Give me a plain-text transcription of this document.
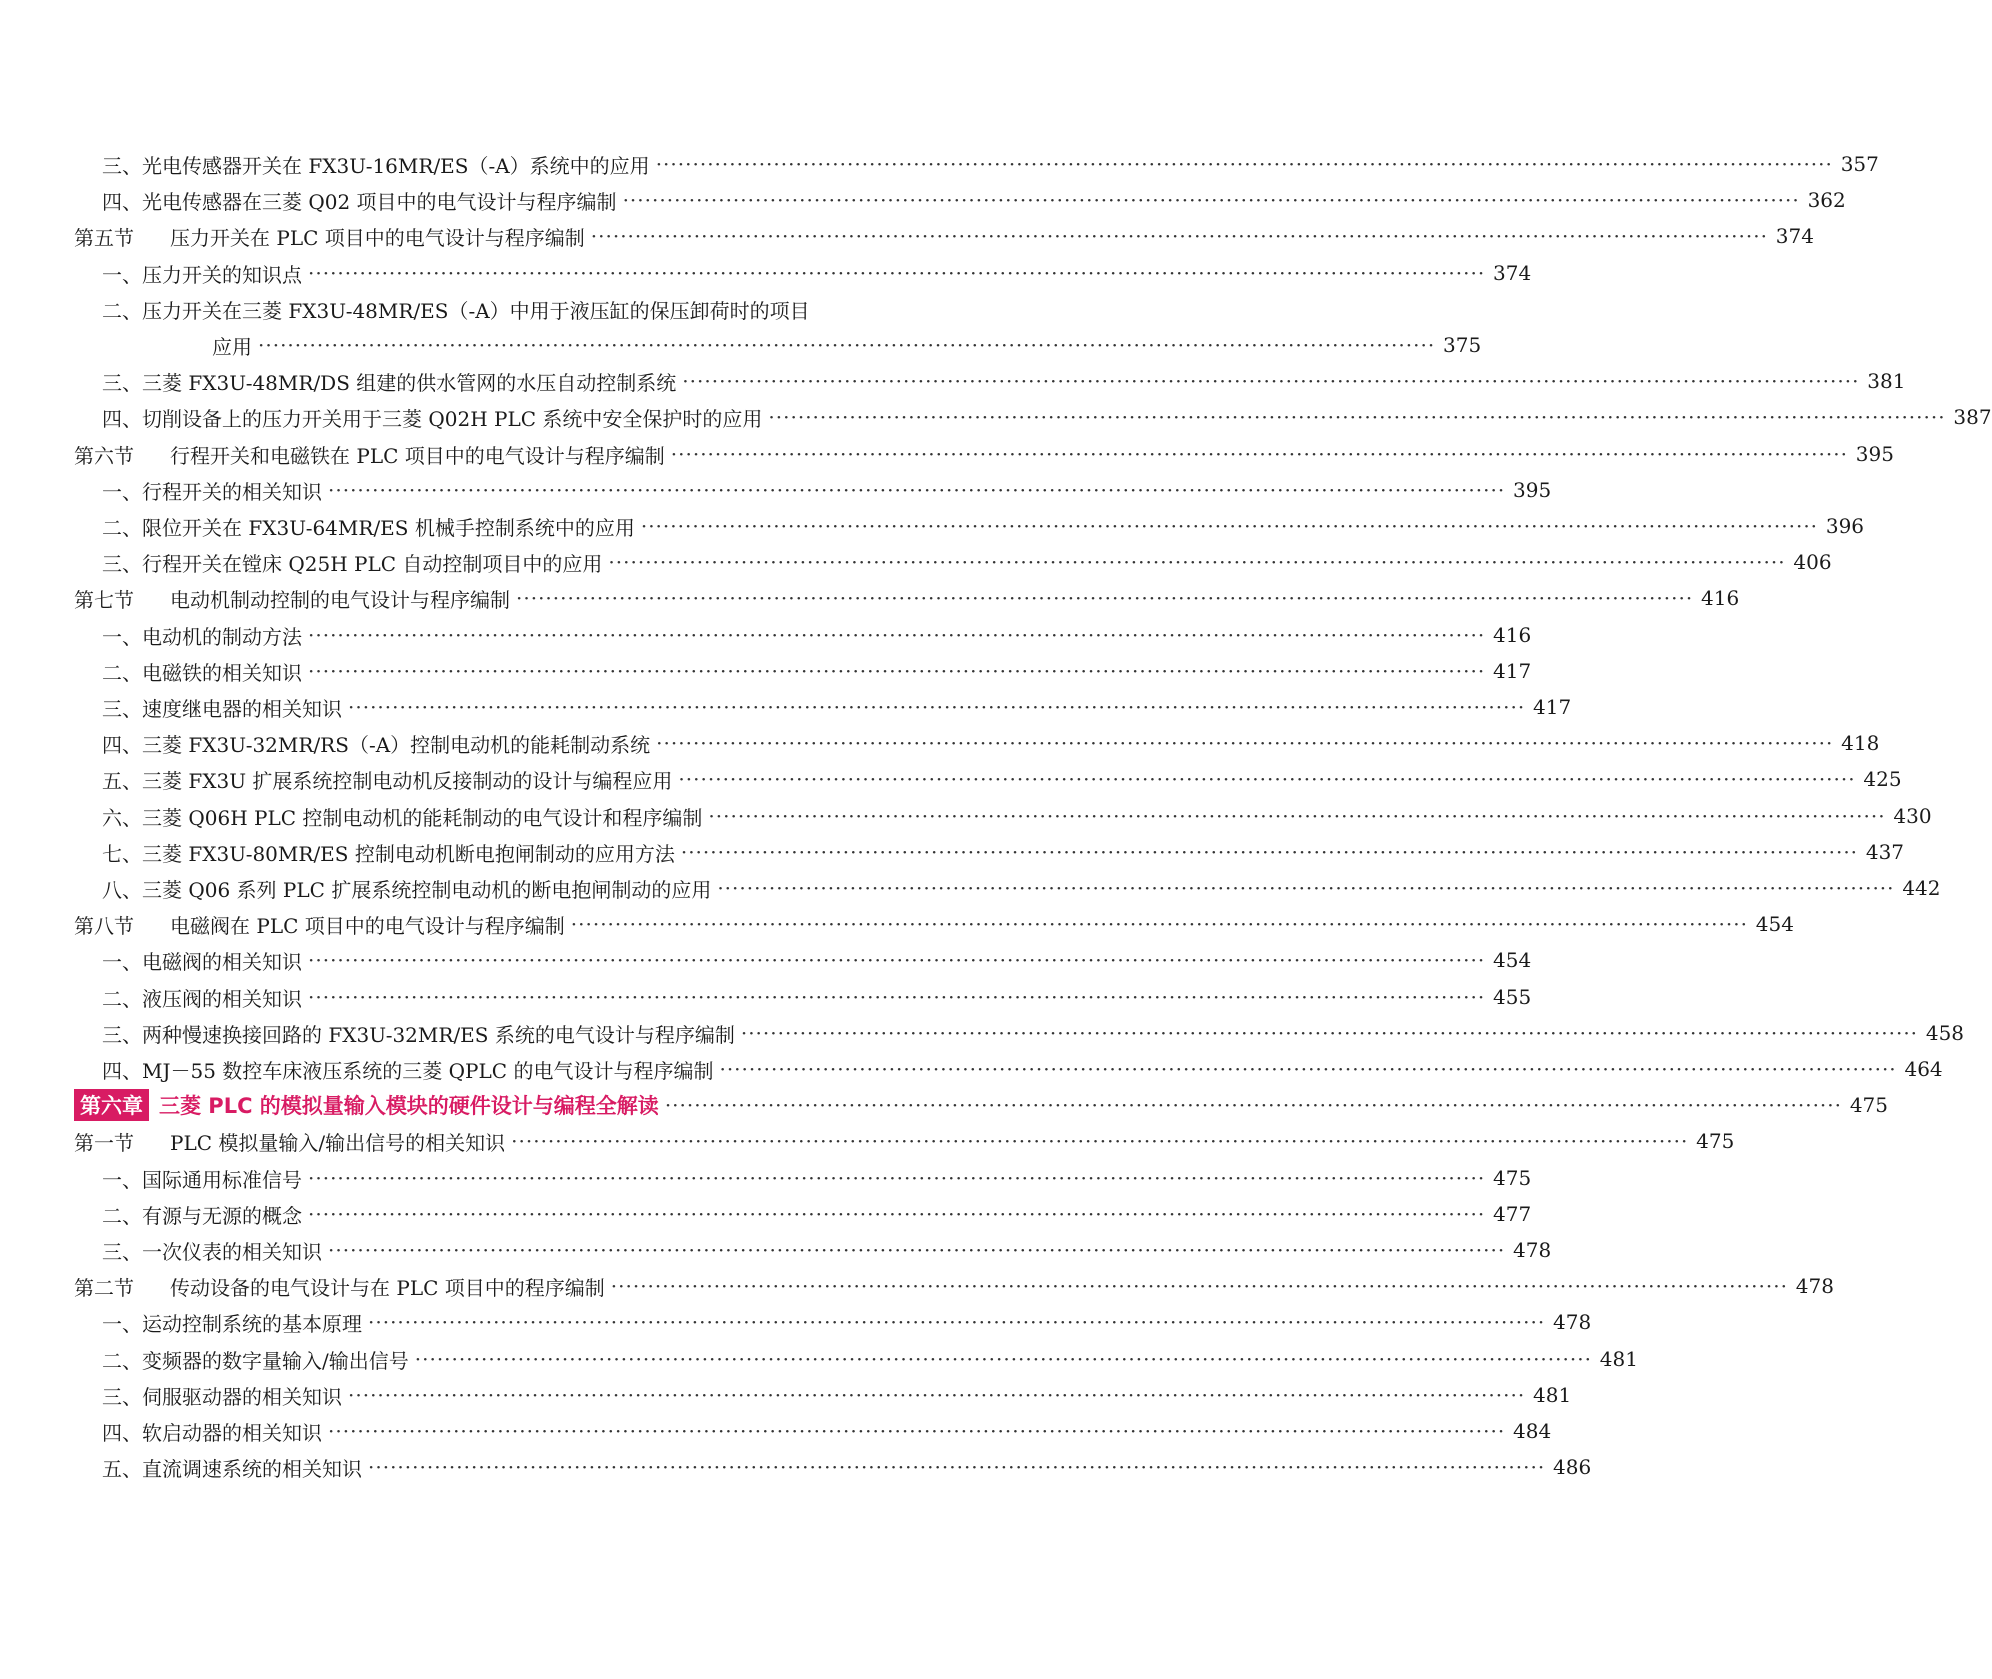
三、 光电传感器开关在 FX3U-16MR/ES（-A）系统中的应用 ································································································································································ 357
四、 光电传感器在三菱 Q02 项目中的电气设计与程序编制 ································································································································································ 362
第五节	压力开关在 PLC 项目中的电气设计与程序编制 ································································································································································ 374
一、 压力开关的知识点 ································································································································································ 374
二、 压力开关在三菱 FX3U-48MR/ES（-A）中用于液压缸的保压卸荷时的项目
应用 ································································································································································ 375
三、 三菱 FX3U-48MR/DS 组建的供水管网的水压自动控制系统 ································································································································································ 381
四、 切削设备上的压力开关用于三菱 Q02H PLC 系统中安全保护时的应用 ································································································································································ 387
第六节	行程开关和电磁铁在 PLC 项目中的电气设计与程序编制 ································································································································································ 395
一、 行程开关的相关知识 ································································································································································ 395
二、 限位开关在 FX3U-64MR/ES 机械手控制系统中的应用 ································································································································································ 396
三、 行程开关在镗床 Q25H PLC 自动控制项目中的应用 ································································································································································ 406
第七节	电动机制动控制的电气设计与程序编制 ································································································································································ 416
一、 电动机的制动方法 ································································································································································ 416
二、 电磁铁的相关知识 ································································································································································ 417
三、 速度继电器的相关知识 ································································································································································ 417
四、 三菱 FX3U-32MR/RS（-A）控制电动机的能耗制动系统 ································································································································································ 418
五、 三菱 FX3U 扩展系统控制电动机反接制动的设计与编程应用 ································································································································································ 425
六、 三菱 Q06H PLC 控制电动机的能耗制动的电气设计和程序编制 ································································································································································ 430
七、 三菱 FX3U-80MR/ES 控制电动机断电抱闸制动的应用方法 ································································································································································ 437
八、 三菱 Q06 系列 PLC 扩展系统控制电动机的断电抱闸制动的应用 ································································································································································ 442
第八节	电磁阀在 PLC 项目中的电气设计与程序编制 ································································································································································ 454
一、 电磁阀的相关知识 ································································································································································ 454
二、 液压阀的相关知识 ································································································································································ 455
三、 两种慢速换接回路的 FX3U-32MR/ES 系统的电气设计与程序编制 ································································································································································ 458
四、 MJ－55 数控车床液压系统的三菱 QPLC 的电气设计与程序编制 ································································································································································ 464
第六章 三菱 PLC 的模拟量输入模块的硬件设计与编程全解读 ································································································································································ 475
第一节	PLC 模拟量输入/输出信号的相关知识 ································································································································································ 475
一、 国际通用标准信号 ································································································································································ 475
二、 有源与无源的概念 ································································································································································ 477
三、 一次仪表的相关知识 ································································································································································ 478
第二节	传动设备的电气设计与在 PLC 项目中的程序编制 ································································································································································ 478
一、 运动控制系统的基本原理 ································································································································································ 478
二、 变频器的数字量输入/输出信号 ································································································································································ 481
三、 伺服驱动器的相关知识 ································································································································································ 481
四、 软启动器的相关知识 ································································································································································ 484
五、 直流调速系统的相关知识 ································································································································································ 486
